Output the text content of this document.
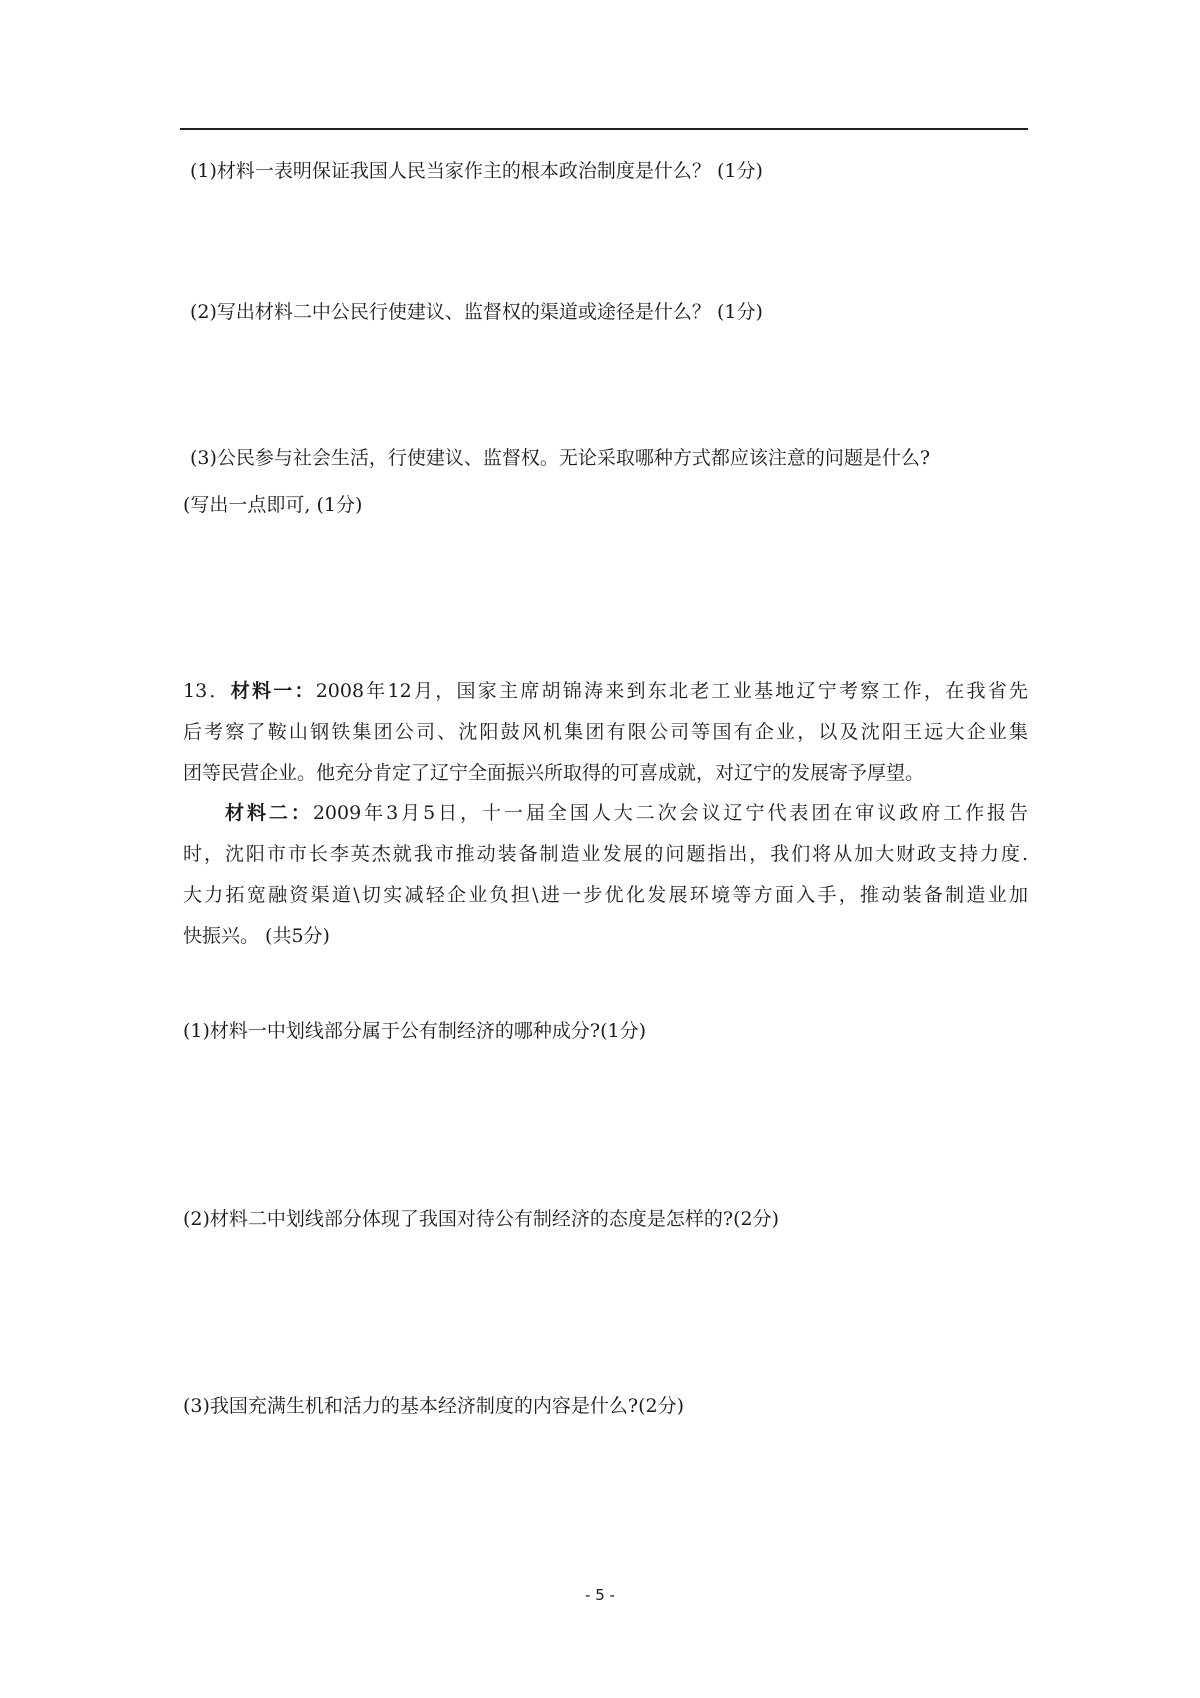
(1)材料一表明保证我国人民当家作主的根本政治制度是什么？ (1分)
(2)写出材料二中公民行使建议、监督权的渠道或途径是什么？ (1分)
(3)公民参与社会生活，行使建议、监督权。无论采取哪种方式都应该注意的问题是什么?
(写出一点即可, (1分)
13．材料一：2008年12月，国家主席胡锦涛来到东北老工业基地辽宁考察工作，在我省先
后考察了鞍山钢铁集团公司、沈阳鼓风机集团有限公司等国有企业，以及沈阳王远大企业集
团等民营企业。他充分肯定了辽宁全面振兴所取得的可喜成就，对辽宁的发展寄予厚望。
材料二：2009年3月5日，十一届全国人大二次会议辽宁代表团在审议政府工作报告
时，沈阳市市长李英杰就我市推动装备制造业发展的问题指出，我们将从加大财政支持力度.
大力拓宽融资渠道\切实减轻企业负担\进一步优化发展环境等方面入手，推动装备制造业加
快振兴。 (共5分)
(1)材料一中划线部分属于公有制经济的哪种成分?(1分)
(2)材料二中划线部分体现了我国对待公有制经济的态度是怎样的?(2分)
(3)我国充满生机和活力的基本经济制度的内容是什么?(2分)
- 5 -
